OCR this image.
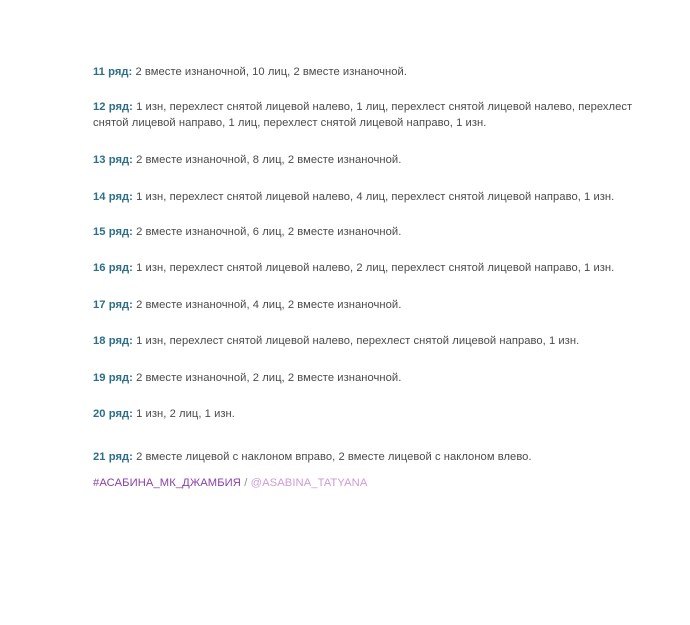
11 ряд: 2 вместе изнаночной, 10 лиц, 2 вместе изнаночной.
12 ряд: 1 изн, перехлест снятой лицевой налево, 1 лиц, перехлест снятой лицевой налево, перехлест снятой лицевой направо, 1 лиц, перехлест снятой лицевой направо, 1 изн.
13 ряд: 2 вместе изнаночной, 8 лиц, 2 вместе изнаночной.
14 ряд: 1 изн, перехлест снятой лицевой налево, 4 лиц, перехлест снятой лицевой направо, 1 изн.
15 ряд: 2 вместе изнаночной, 6 лиц, 2 вместе изнаночной.
16 ряд: 1 изн, перехлест снятой лицевой налево, 2 лиц, перехлест снятой лицевой направо, 1 изн.
17 ряд: 2 вместе изнаночной, 4 лиц, 2 вместе изнаночной.
18 ряд: 1 изн, перехлест снятой лицевой налево, перехлест снятой лицевой направо, 1 изн.
19 ряд: 2 вместе изнаночной, 2 лиц, 2 вместе изнаночной.
20 ряд: 1 изн, 2 лиц, 1 изн.
21 ряд: 2 вместе лицевой с наклоном вправо, 2 вместе лицевой с наклоном влево.
#АСАБИНА_МК_ДЖАМБИЯ / @ASABINA_TATYANA
